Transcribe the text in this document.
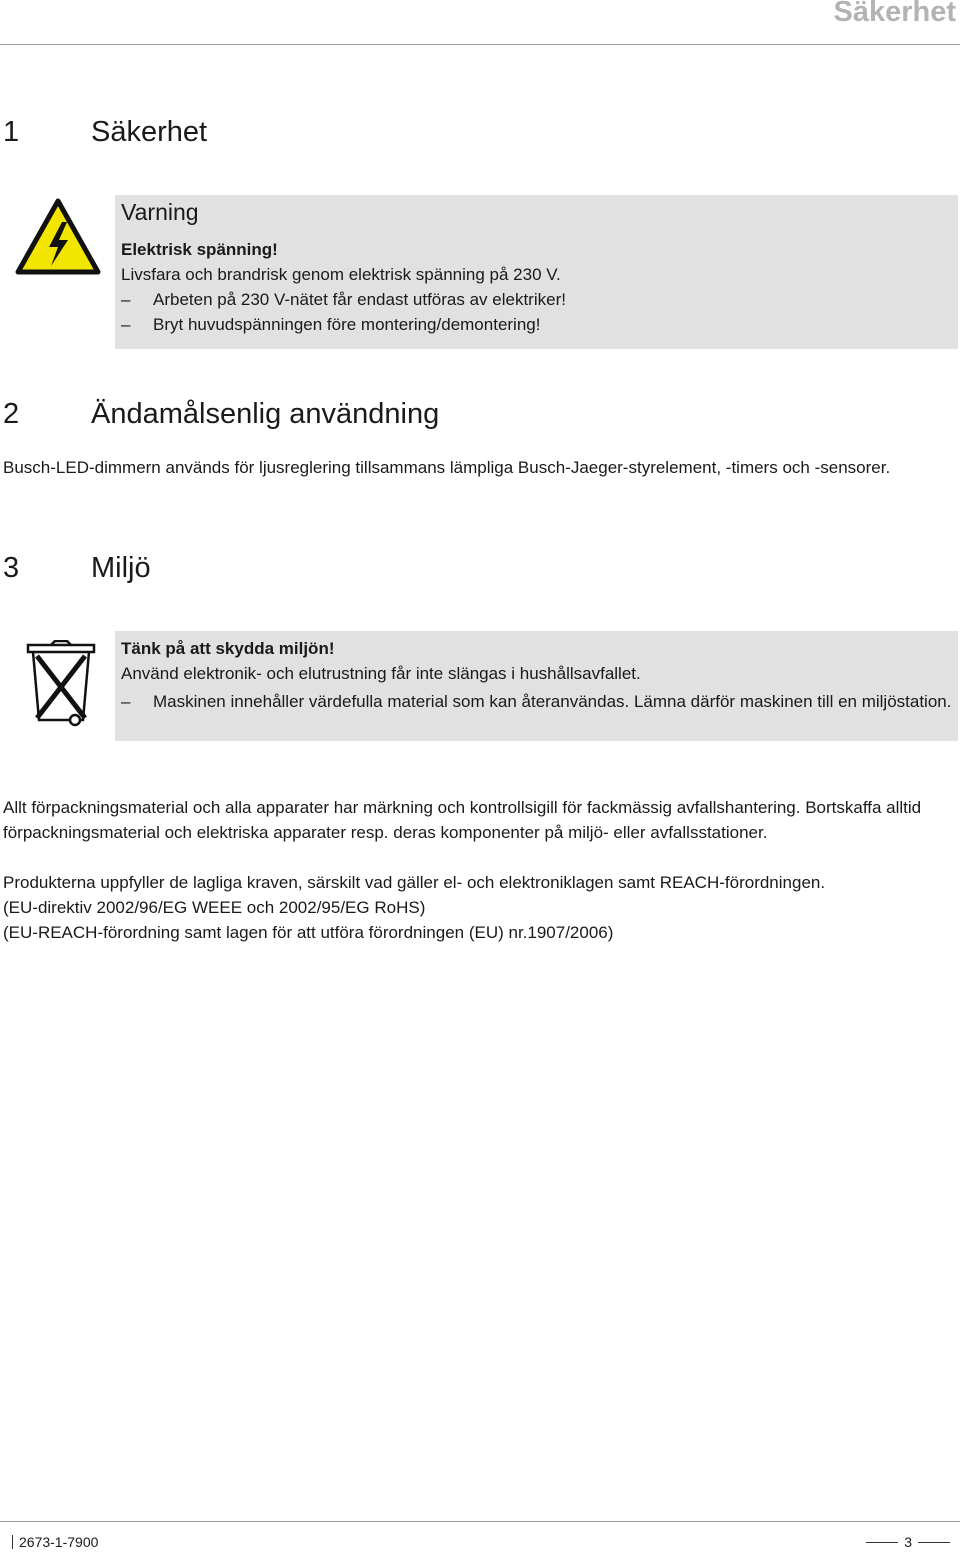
Säkerhet
1 Säkerhet
Varning
Elektrisk spänning!
Livsfara och brandrisk genom elektrisk spänning på 230 V.
– Arbeten på 230 V-nätet får endast utföras av elektriker!
– Bryt huvudspänningen före montering/demontering!
2 Ändamålsenlig användning
Busch-LED-dimmern används för ljusreglering tillsammans lämpliga Busch-Jaeger-styrelement, -timers och -sensorer.
3 Miljö
Tänk på att skydda miljön!
Använd elektronik- och elutrustning får inte slängas i hushållsavfallet.
–	Maskinen innehåller värdefulla material som kan återanvändas. Lämna därför maskinen till en miljöstation.
Allt förpackningsmaterial och alla apparater har märkning och kontrollsigill för fackmässig avfallshantering. Bortskaffa alltid förpackningsmaterial och elektriska apparater resp. deras komponenter på miljö- eller avfallsstationer.
Produkterna uppfyller de lagliga kraven, särskilt vad gäller el- och elektroniklagen samt REACH-förordningen.
(EU-direktiv 2002/96/EG WEEE och 2002/95/EG RoHS)
(EU-REACH-förordning samt lagen för att utföra förordningen (EU) nr.1907/2006)
2673-1-7900	3
